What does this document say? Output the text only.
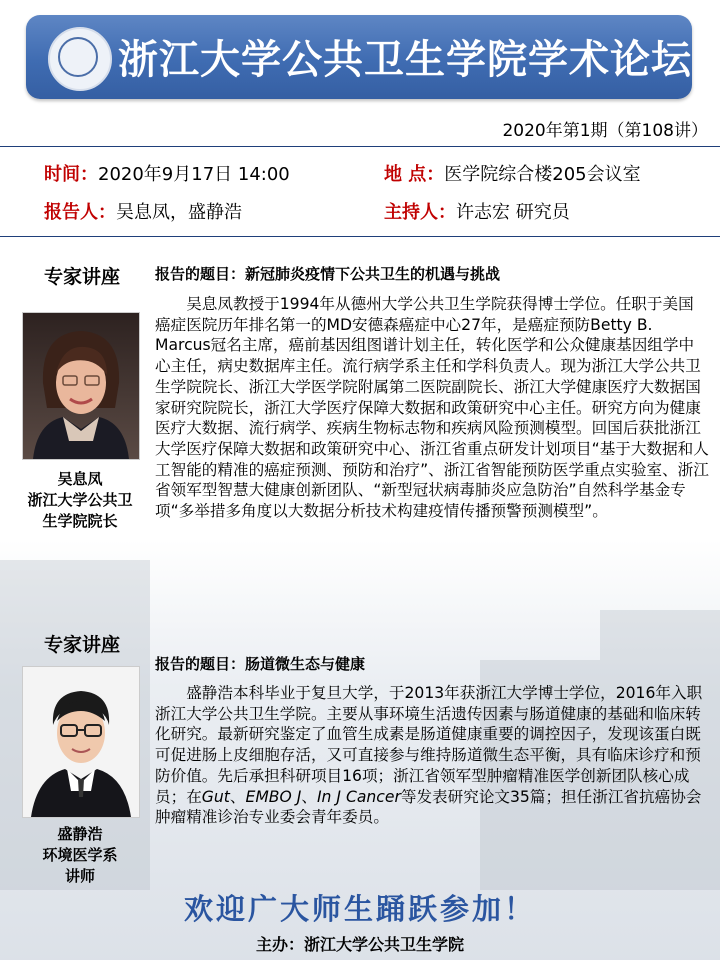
浙江大学公共卫生学院学术论坛
2020年第1期（第108讲）
时间：2020年9月17日 14:00	地 点：医学院综合楼205会议室
报告人：吴息凤，盛静浩	主持人：许志宏 研究员
专家讲座
吴息凤
浙江大学公共卫
生学院院长
报告的题目：新冠肺炎疫情下公共卫生的机遇与挑战
吴息凤教授于1994年从德州大学公共卫生学院获得博士学位。任职于美国癌症医院历年排名第一的MD安德森癌症中心27年，是癌症预防Betty B. Marcus冠名主席，癌前基因组图谱计划主任，转化医学和公众健康基因组学中心主任，病史数据库主任。流行病学系主任和学科负责人。现为浙江大学公共卫生学院院长、浙江大学医学院附属第二医院副院长、浙江大学健康医疗大数据国家研究院院长，浙江大学医疗保障大数据和政策研究中心主任。研究方向为健康医疗大数据、流行病学、疾病生物标志物和疾病风险预测模型。回国后获批浙江大学医疗保障大数据和政策研究中心、浙江省重点研发计划项目“基于大数据和人工智能的精准的癌症预测、预防和治疗”、浙江省智能预防医学重点实验室、浙江省领军型智慧大健康创新团队、“新型冠状病毒肺炎应急防治”自然科学基金专项“多举措多角度以大数据分析技术构建疫情传播预警预测模型”。
专家讲座
盛静浩
环境医学系
讲师
报告的题目：肠道微生态与健康
盛静浩本科毕业于复旦大学，于2013年获浙江大学博士学位，2016年入职浙江大学公共卫生学院。主要从事环境生活遗传因素与肠道健康的基础和临床转化研究。最新研究鉴定了血管生成素是肠道健康重要的调控因子，发现该蛋白既可促进肠上皮细胞存活，又可直接参与维持肠道微生态平衡，具有临床诊疗和预防价值。先后承担科研项目16项；浙江省领军型肿瘤精准医学创新团队核心成员；在Gut、EMBO J、In J Cancer等发表研究论文35篇；担任浙江省抗癌协会肿瘤精准诊治专业委会青年委员。
欢迎广大师生踊跃参加！
主办：浙江大学公共卫生学院
